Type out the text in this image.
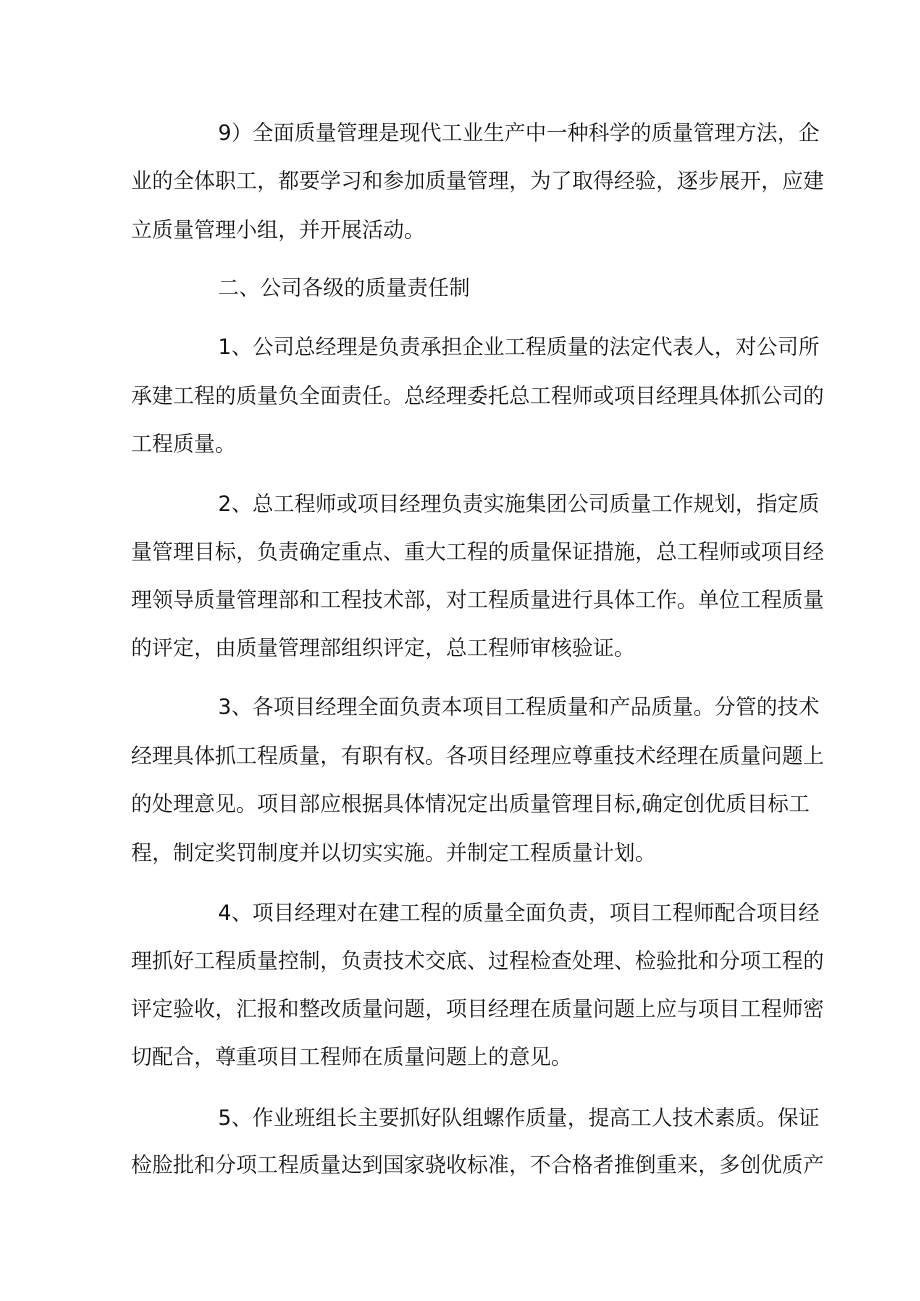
9）全面质量管理是现代工业生产中一种科学的质量管理方法，企

业的全体职工，都要学习和参加质量管理，为了取得经验，逐步展开，应建

立质量管理小组，并开展活动。

二、公司各级的质量责任制

1、公司总经理是负责承担企业工程质量的法定代表人，对公司所

承建工程的质量负全面责任。总经理委托总工程师或项目经理具体抓公司的

工程质量。

2、总工程师或项目经理负责实施集团公司质量工作规划，指定质

量管理目标，负责确定重点、重大工程的质量保证措施，总工程师或项目经

理领导质量管理部和工程技术部，对工程质量进行具体工作。单位工程质量

的评定，由质量管理部组织评定，总工程师审核验证。

3、各项目经理全面负责本项目工程质量和产品质量。分管的技术

经理具体抓工程质量，有职有权。各项目经理应尊重技术经理在质量问题上

的处理意见。项目部应根据具体情况定出质量管理目标,确定创优质目标工

程，制定奖罚制度并以切实实施。并制定工程质量计划。

4、项目经理对在建工程的质量全面负责，项目工程师配合项目经

理抓好工程质量控制，负责技术交底、过程检查处理、检验批和分项工程的

评定验收，汇报和整改质量问题，项目经理在质量问题上应与项目工程师密

切配合，尊重项目工程师在质量问题上的意见。

5、作业班组长主要抓好队组螺作质量，提高工人技术素质。保证

检脸批和分项工程质量达到国家骁收标准，不合格者推倒重来，多创优质产
